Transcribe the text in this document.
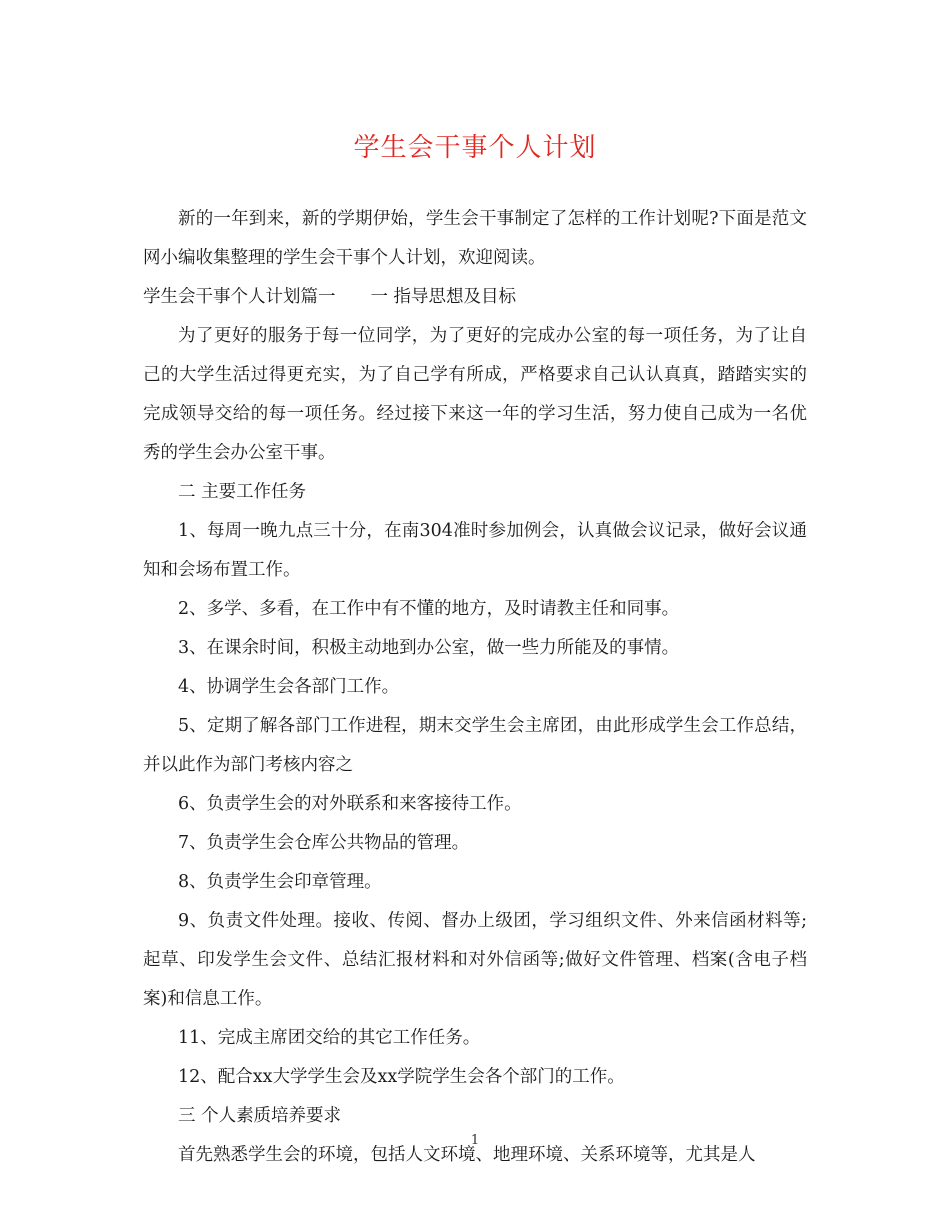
学生会干事个人计划

新的一年到来，新的学期伊始，学生会干事制定了怎样的工作计划呢?下面是范文网小编收集整理的学生会干事个人计划，欢迎阅读。

学生会干事个人计划篇一　　一 指导思想及目标

为了更好的服务于每一位同学，为了更好的完成办公室的每一项任务，为了让自己的大学生活过得更充实，为了自己学有所成，严格要求自己认认真真，踏踏实实的完成领导交给的每一项任务。经过接下来这一年的学习生活，努力使自己成为一名优秀的学生会办公室干事。

二 主要工作任务

1、每周一晚九点三十分，在南304准时参加例会，认真做会议记录，做好会议通知和会场布置工作。

2、多学、多看，在工作中有不懂的地方，及时请教主任和同事。

3、在课余时间，积极主动地到办公室，做一些力所能及的事情。

4、协调学生会各部门工作。

5、定期了解各部门工作进程，期末交学生会主席团，由此形成学生会工作总结，并以此作为部门考核内容之

6、负责学生会的对外联系和来客接待工作。

7、负责学生会仓库公共物品的管理。

8、负责学生会印章管理。

9、负责文件处理。接收、传阅、督办上级团，学习组织文件、外来信函材料等;起草、印发学生会文件、总结汇报材料和对外信函等;做好文件管理、档案(含电子档案)和信息工作。

11、完成主席团交给的其它工作任务。

12、配合xx大学学生会及xx学院学生会各个部门的工作。

三 个人素质培养要求

首先熟悉学生会的环境，包括人文环境、地理环境、关系环境等，尤其是人

1
